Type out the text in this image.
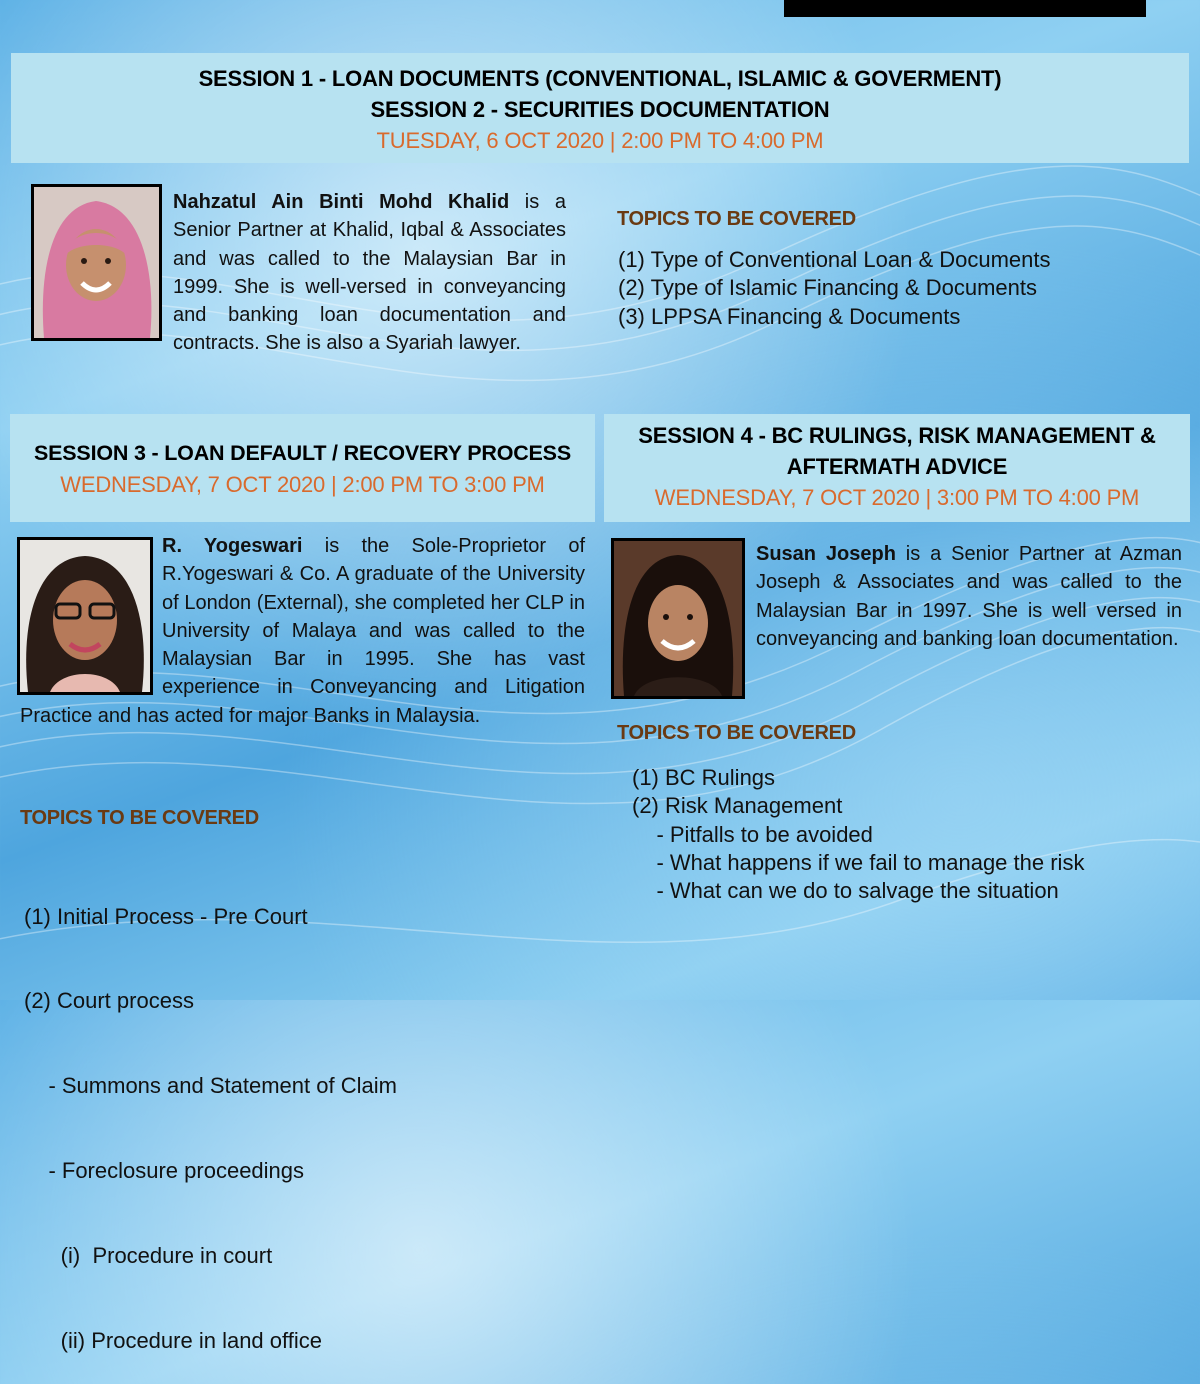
SESSION 1 - LOAN DOCUMENTS (CONVENTIONAL, ISLAMIC & GOVERMENT)
SESSION 2 - SECURITIES DOCUMENTATION
TUESDAY, 6 OCT 2020 | 2:00 PM TO 4:00 PM
Nahzatul Ain Binti Mohd Khalid is a Senior Partner at Khalid, Iqbal & Associates and was called to the Malaysian Bar in 1999. She is well-versed in conveyancing and banking loan documentation and contracts. She is also a Syariah lawyer.
TOPICS TO BE COVERED
(1) Type of Conventional Loan & Documents
(2) Type of Islamic Financing & Documents
(3) LPPSA Financing & Documents
SESSION 3 - LOAN DEFAULT / RECOVERY PROCESS
WEDNESDAY, 7 OCT 2020 | 2:00 PM TO 3:00 PM
SESSION 4 - BC RULINGS, RISK MANAGEMENT &
AFTERMATH ADVICE
WEDNESDAY, 7 OCT 2020 | 3:00 PM TO 4:00 PM
R. Yogeswari is the Sole-Proprietor of R.Yogeswari & Co. A graduate of the University of London (External), she completed her CLP in University of Malaya and was called to the Malaysian Bar in 1995. She has vast experience in Conveyancing and Litigation Practice and has acted for major Banks in Malaysia.
TOPICS TO BE COVERED

(1) Initial Process - Pre Court

(2) Court process

- Summons and Statement of Claim

- Foreclosure proceedings

(i)  Procedure in court

(ii) Procedure in land office

Susan Joseph is a Senior Partner at Azman Joseph & Associates and was called to the Malaysian Bar in 1997. She is well versed in conveyancing and banking loan documentation.
TOPICS TO BE COVERED
(1) BC Rulings
(2) Risk Management
- Pitfalls to be avoided
- What happens if we fail to manage the risk
- What can we do to salvage the situation
